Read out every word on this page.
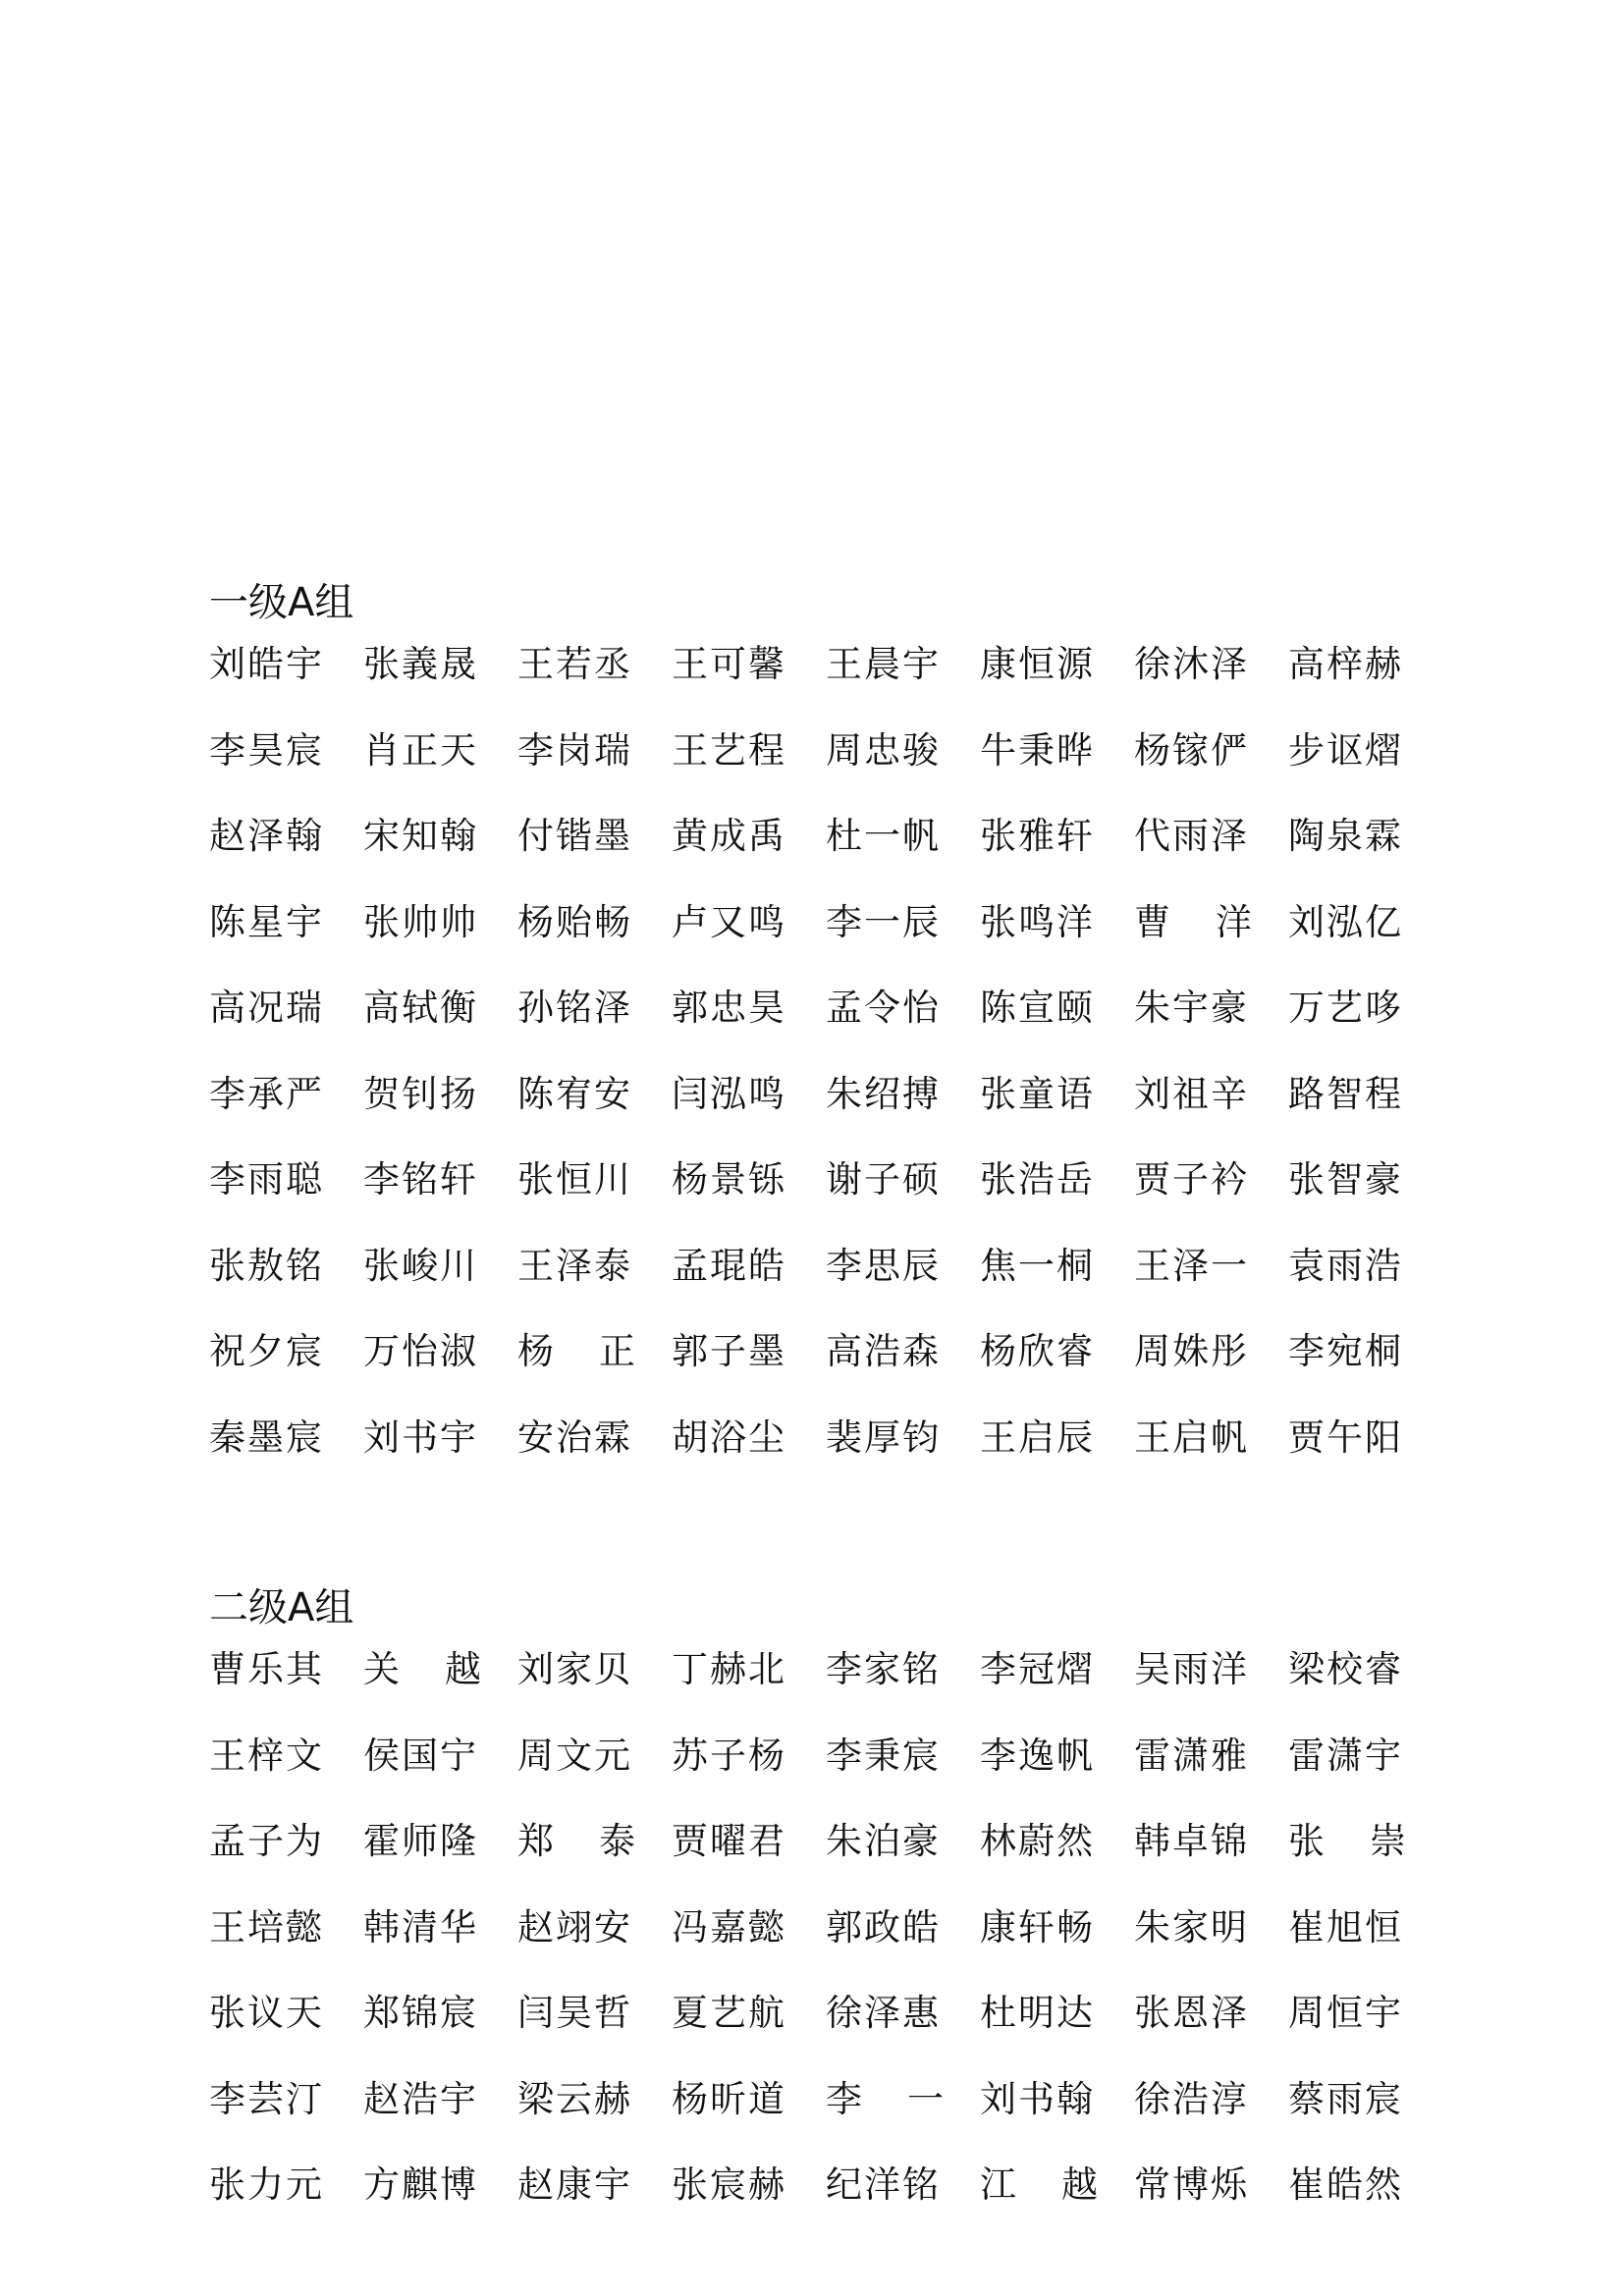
一级A组
刘皓宇	张義晟	王若丞	王可馨	王晨宇	康恒源	徐沐泽	高梓赫
李昊宸	肖正天	李岗瑞	王艺程	周忠骏	牛秉晔	杨镓俨	步讴熠
赵泽翰	宋知翰	付锴墨	黄成禹	杜一帆	张雅轩	代雨泽	陶泉霖
陈星宇	张帅帅	杨贻畅	卢又鸣	李一辰	张鸣洋	曹 洋 刘泓亿
高况瑞	高轼衡	孙铭泽	郭忠昊	孟令怡	陈宣颐	朱宇豪	万艺哆
李承严	贺钊扬	陈宥安	闫泓鸣	朱绍搏	张童语	刘祖辛	路智程
李雨聪	李铭轩	张恒川	杨景铄	谢子硕	张浩岳	贾子衿	张智豪
张敖铭	张峻川	王泽泰	孟琨皓	李思辰	焦一桐	王泽一	袁雨浩
祝夕宸	万怡淑	杨 正 郭子墨	高浩森	杨欣睿	周姝彤	李宛桐
秦墨宸	刘书宇	安治霖	胡浴尘	裴厚钧	王启辰	王启帆	贾午阳
二级A组
曹乐其	关 越 刘家贝	丁赫北	李家铭	李冠熠	吴雨洋	梁校睿
王梓文	侯国宁	周文元	苏子杨	李秉宸	李逸帆	雷潇雅	雷潇宇
孟子为	霍师隆	郑 泰 贾曜君	朱泊豪	林蔚然	韩卓锦	张 崇
王培懿	韩清华	赵翊安	冯嘉懿	郭政皓	康轩畅	朱家明	崔旭恒
张议天	郑锦宸	闫昊哲	夏艺航	徐泽惠	杜明达	张恩泽	周恒宇
李芸汀	赵浩宇	梁云赫	杨昕道	李 一 刘书翰	徐浩淳	蔡雨宸
张力元	方麒博	赵康宇	张宸赫	纪洋铭	江 越 常博烁	崔皓然
